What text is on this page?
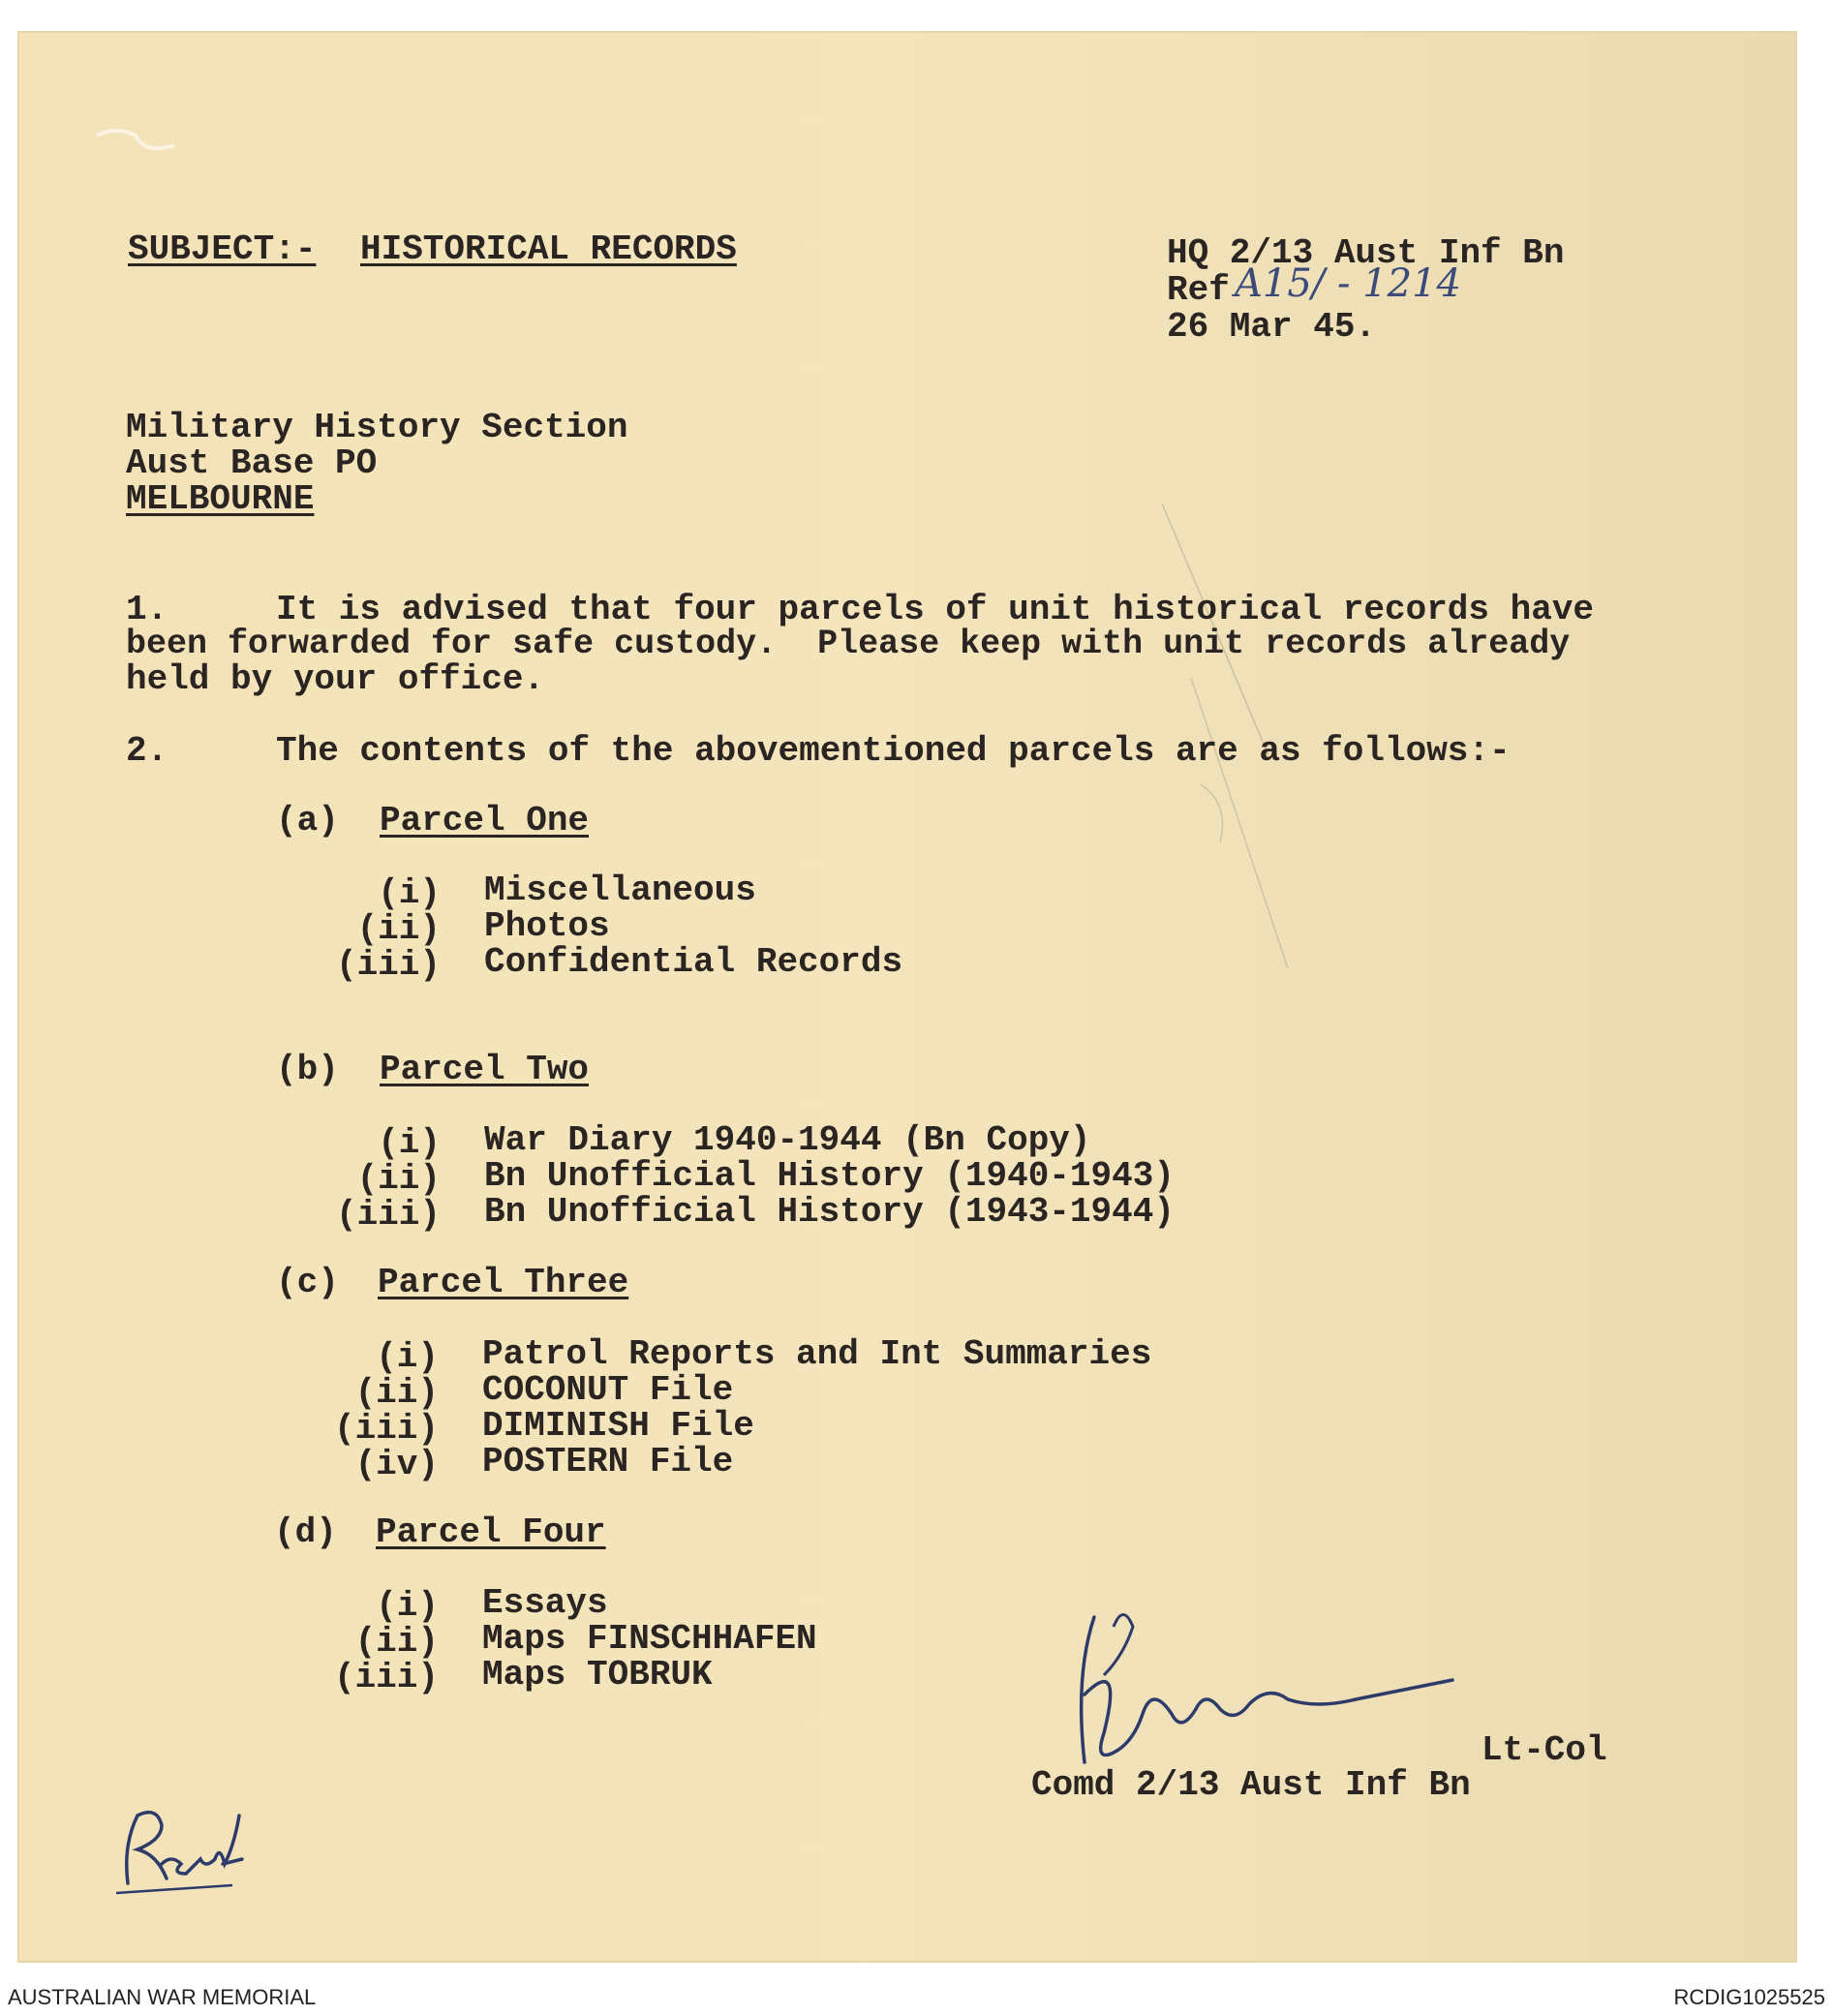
SUBJECT:- HISTORICAL RECORDS	HQ 2/13 Aust Inf Bn
Ref A15/ - 1214
26 Mar 45.
Military History Section
Aust Base PO
MELBOURNE
1.	It is advised that four parcels of unit historical records have
been forwarded for safe custody.  Please keep with unit records already
held by your office.
2.	The contents of the abovementioned parcels are as follows:-
(a) Parcel One
(i) Miscellaneous
(ii) Photos
(iii) Confidential Records
(b) Parcel Two
(i) War Diary 1940-1944 (Bn Copy)
(ii) Bn Unofficial History (1940-1943)
(iii) Bn Unofficial History (1943-1944)
(c) Parcel Three
(i) Patrol Reports and Int Summaries
(ii) COCONUT File
(iii) DIMINISH File
(iv) POSTERN File
(d) Parcel Four
(i) Essays
(ii) Maps FINSCHHAFEN
(iii) Maps TOBRUK
Lt-Col
Comd 2/13 Aust Inf Bn
AUSTRALIAN WAR MEMORIAL	RCDIG1025525
